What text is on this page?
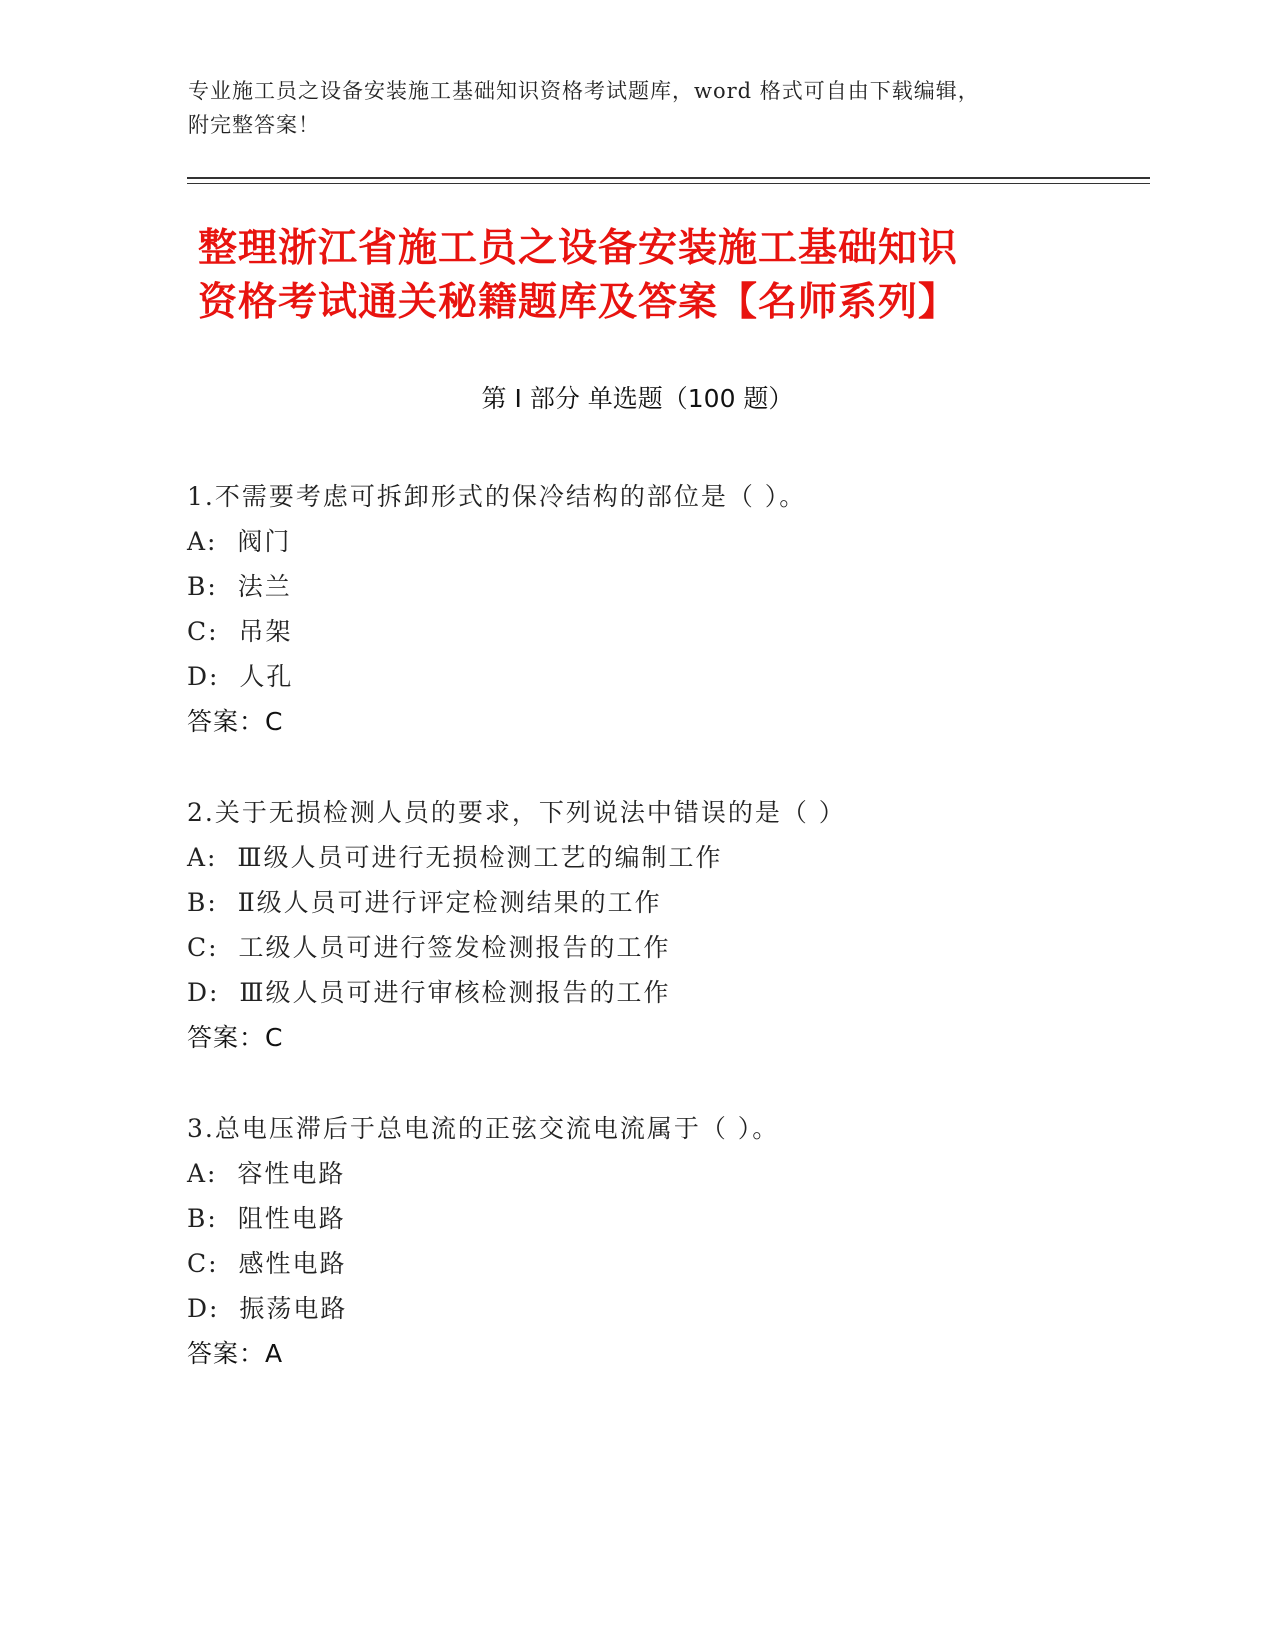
专业施工员之设备安装施工基础知识资格考试题库，word 格式可自由下载编辑，
附完整答案！
整理浙江省施工员之设备安装施工基础知识
资格考试通关秘籍题库及答案【名师系列】
第 I 部分 单选题（100 题）
1.不需要考虑可拆卸形式的保冷结构的部位是（ ）。
A:  阀门
B:  法兰
C:  吊架
D:  人孔
答案：C
2.关于无损检测人员的要求，下列说法中错误的是（ ）
A:  Ⅲ级人员可进行无损检测工艺的编制工作
B:  Ⅱ级人员可进行评定检测结果的工作
C:  工级人员可进行签发检测报告的工作
D:  Ⅲ级人员可进行审核检测报告的工作
答案：C
3.总电压滞后于总电流的正弦交流电流属于（ ）。
A:  容性电路
B:  阻性电路
C:  感性电路
D:  振荡电路
答案：A
